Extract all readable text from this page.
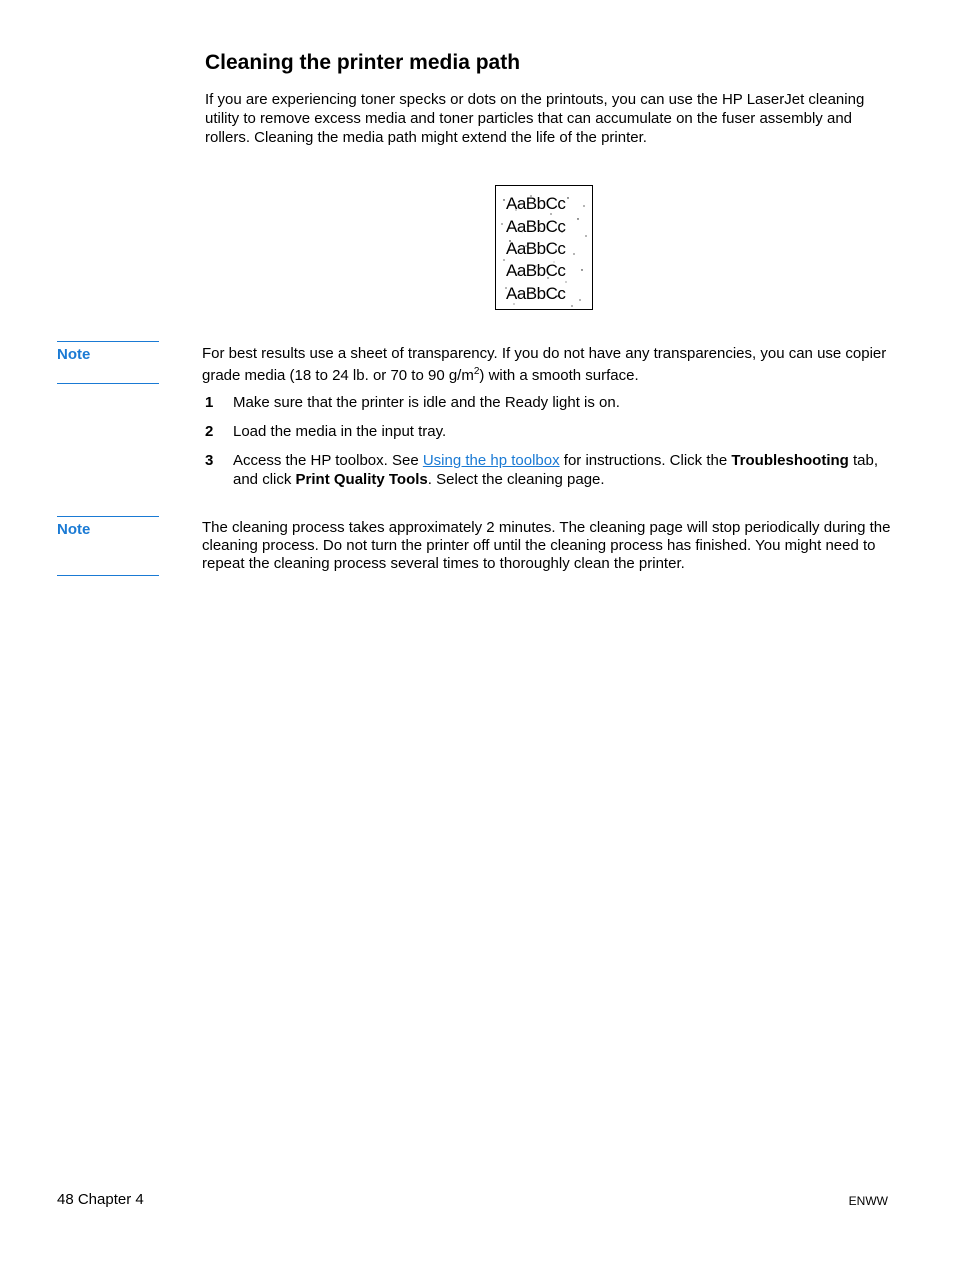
Cleaning the printer media path

If you are experiencing toner specks or dots on the printouts, you can use the HP LaserJet cleaning utility to remove excess media and toner particles that can accumulate on the fuser assembly and rollers. Cleaning the media path might extend the life of the printer.

AaBbCc
AaBbCc
AaBbCc
AaBbCc
AaBbCc
Note	For best results use a sheet of transparency. If you do not have any transparencies, you can use copier grade media (18 to 24 lb. or 70 to 90 $g/m^2$) with a smooth surface.

1 Make sure that the printer is idle and the Ready light is on.
2 Load the media in the input tray.
3 Access the HP toolbox. See Using the hp toolbox for instructions. Click the Troubleshooting tab, and click Print Quality Tools. Select the cleaning page.
Note	The cleaning process takes approximately 2 minutes. The cleaning page will stop periodically during the cleaning process. Do not turn the printer off until the cleaning process has finished. You might need to repeat the cleaning process several times to thoroughly clean the printer.

48 Chapter 4	ENWW
